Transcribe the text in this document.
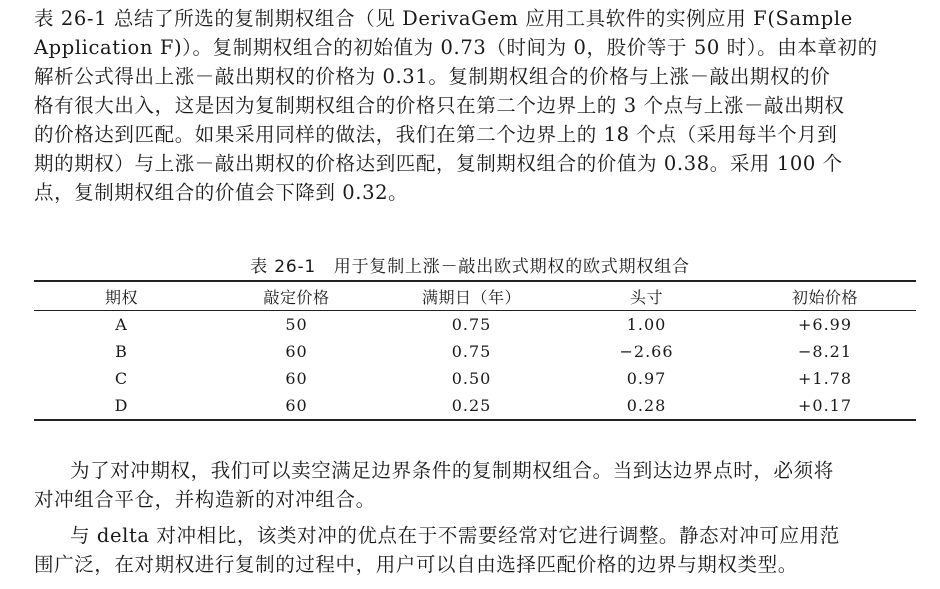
表 26-1 总结了所选的复制期权组合（见 DerivaGem 应用工具软件的实例应用 F(Sample
Application F)）。复制期权组合的初始值为 0.73（时间为 0，股价等于 50 时）。由本章初的
解析公式得出上涨－敲出期权的价格为 0.31。复制期权组合的价格与上涨－敲出期权的价
格有很大出入，这是因为复制期权组合的价格只在第二个边界上的 3 个点与上涨－敲出期权
的价格达到匹配。如果采用同样的做法，我们在第二个边界上的 18 个点（采用每半个月到
期的期权）与上涨－敲出期权的价格达到匹配，复制期权组合的价值为 0.38。采用 100 个
点，复制期权组合的价值会下降到 0.32。

表 26-1　用于复制上涨－敲出欧式期权的欧式期权组合

期权	敲定价格	满期日（年）	头寸	初始价格
A	50	0.75	1.00	+6.99
B	60	0.75	−2.66	−8.21
C	60	0.50	0.97	+1.78
D	60	0.25	0.28	+0.17

为了对冲期权，我们可以卖空满足边界条件的复制期权组合。当到达边界点时，必须将
对冲组合平仓，并构造新的对冲组合。

与 delta 对冲相比，该类对冲的优点在于不需要经常对它进行调整。静态对冲可应用范
围广泛，在对期权进行复制的过程中，用户可以自由选择匹配价格的边界与期权类型。
